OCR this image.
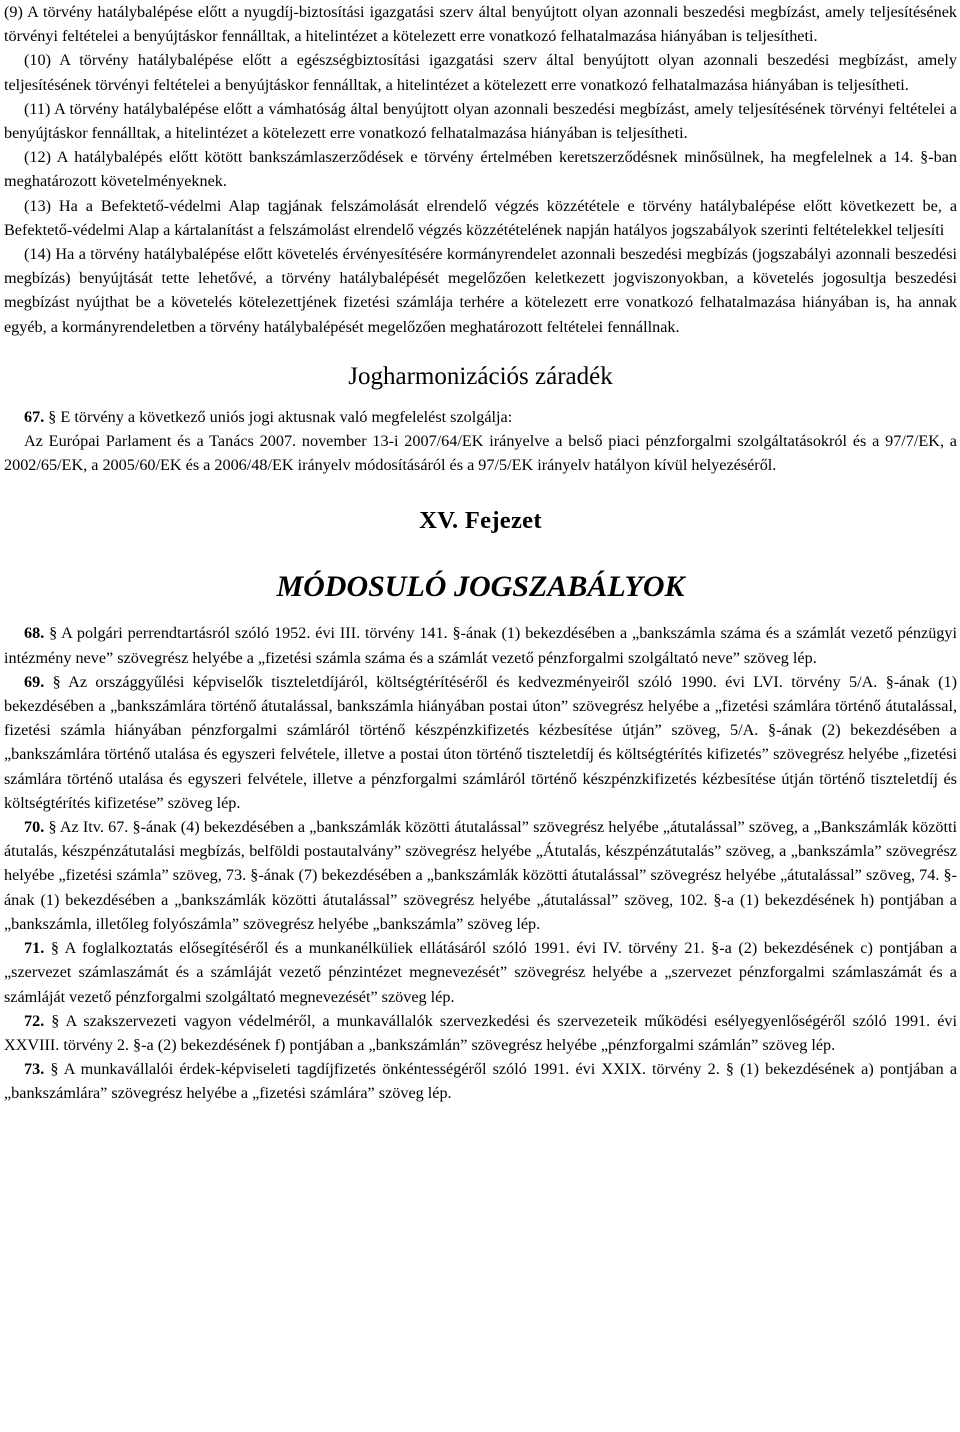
(9) A törvény hatálybalépése előtt a nyugdíj-biztosítási igazgatási szerv által benyújtott olyan azonnali beszedési megbízást, amely teljesítésének törvényi feltételei a benyújtáskor fennálltak, a hitelintézet a kötelezett erre vonatkozó felhatalmazása hiányában is teljesítheti.

(10) A törvény hatálybalépése előtt a egészségbiztosítási igazgatási szerv által benyújtott olyan azonnali beszedési megbízást, amely teljesítésének törvényi feltételei a benyújtáskor fennálltak, a hitelintézet a kötelezett erre vonatkozó felhatalmazása hiányában is teljesítheti.

(11) A törvény hatálybalépése előtt a vámhatóság által benyújtott olyan azonnali beszedési megbízást, amely teljesítésének törvényi feltételei a benyújtáskor fennálltak, a hitelintézet a kötelezett erre vonatkozó felhatalmazása hiányában is teljesítheti.

(12) A hatálybalépés előtt kötött bankszámlaszerződések e törvény értelmében keretszerződésnek minősülnek, ha megfelelnek a 14. §-ban meghatározott követelményeknek.

(13) Ha a Befektető-védelmi Alap tagjának felszámolását elrendelő végzés közzététele e törvény hatálybalépése előtt következett be, a Befektető-védelmi Alap a kártalanítást a felszámolást elrendelő végzés közzétételének napján hatályos jogszabályok szerinti feltételekkel teljesíti

(14) Ha a törvény hatálybalépése előtt követelés érvényesítésére kormányrendelet azonnali beszedési megbízás (jogszabályi azonnali beszedési megbízás) benyújtását tette lehetővé, a törvény hatálybalépését megelőzően keletkezett jogviszonyokban, a követelés jogosultja beszedési megbízást nyújthat be a követelés kötelezettjének fizetési számlája terhére a kötelezett erre vonatkozó felhatalmazása hiányában is, ha annak egyéb, a kormányrendeletben a törvény hatálybalépését megelőzően meghatározott feltételei fennállnak.

Jogharmonizációs záradék

67. § E törvény a következő uniós jogi aktusnak való megfelelést szolgálja:

Az Európai Parlament és a Tanács 2007. november 13-i 2007/64/EK irányelve a belső piaci pénzforgalmi szolgáltatásokról és a 97/7/EK, a 2002/65/EK, a 2005/60/EK és a 2006/48/EK irányelv módosításáról és a 97/5/EK irányelv hatályon kívül helyezéséről.

XV. Fejezet
MÓDOSULÓ JOGSZABÁLYOK

68. § A polgári perrendtartásról szóló 1952. évi III. törvény 141. §-ának (1) bekezdésében a „bankszámla száma és a számlát vezető pénzügyi intézmény neve” szövegrész helyébe a „fizetési számla száma és a számlát vezető pénzforgalmi szolgáltató neve” szöveg lép.

69. § Az országgyűlési képviselők tiszteletdíjáról, költségtérítéséről és kedvezményeiről szóló 1990. évi LVI. törvény 5/A. §-ának (1) bekezdésében a „bankszámlára történő átutalással, bankszámla hiányában postai úton” szövegrész helyébe a „fizetési számlára történő átutalással, fizetési számla hiányában pénzforgalmi számláról történő készpénzkifizetés kézbesítése útján” szöveg, 5/A. §-ának (2) bekezdésében a „bankszámlára történő utalása és egyszeri felvétele, illetve a postai úton történő tiszteletdíj és költségtérítés kifizetés” szövegrész helyébe „fizetési számlára történő utalása és egyszeri felvétele, illetve a pénzforgalmi számláról történő készpénzkifizetés kézbesítése útján történő tiszteletdíj és költségtérítés kifizetése” szöveg lép.

70. § Az Itv. 67. §-ának (4) bekezdésében a „bankszámlák közötti átutalással” szövegrész helyébe „átutalással” szöveg, a „Bankszámlák közötti átutalás, készpénzátutalási megbízás, belföldi postautalvány” szövegrész helyébe „Átutalás, készpénzátutalás” szöveg, a „bankszámla” szövegrész helyébe „fizetési számla” szöveg, 73. §-ának (7) bekezdésében a „bankszámlák közötti átutalással” szövegrész helyébe „átutalással” szöveg, 74. §-ának (1) bekezdésében a „bankszámlák közötti átutalással” szövegrész helyébe „átutalással” szöveg, 102. §-a (1) bekezdésének h) pontjában a „bankszámla, illetőleg folyószámla” szövegrész helyébe „bankszámla” szöveg lép.

71. § A foglalkoztatás elősegítéséről és a munkanélküliek ellátásáról szóló 1991. évi IV. törvény 21. §-a (2) bekezdésének c) pontjában a „szervezet számlaszámát és a számláját vezető pénzintézet megnevezését” szövegrész helyébe a „szervezet pénzforgalmi számlaszámát és a számláját vezető pénzforgalmi szolgáltató megnevezését” szöveg lép.

72. § A szakszervezeti vagyon védelméről, a munkavállalók szervezkedési és szervezeteik működési esélyegyenlőségéről szóló 1991. évi XXVIII. törvény 2. §-a (2) bekezdésének f) pontjában a „bankszámlán” szövegrész helyébe „pénzforgalmi számlán” szöveg lép.

73. § A munkavállalói érdek-képviseleti tagdíjfizetés önkéntességéről szóló 1991. évi XXIX. törvény 2. § (1) bekezdésének a) pontjában a „bankszámlára” szövegrész helyébe a „fizetési számlára” szöveg lép.
